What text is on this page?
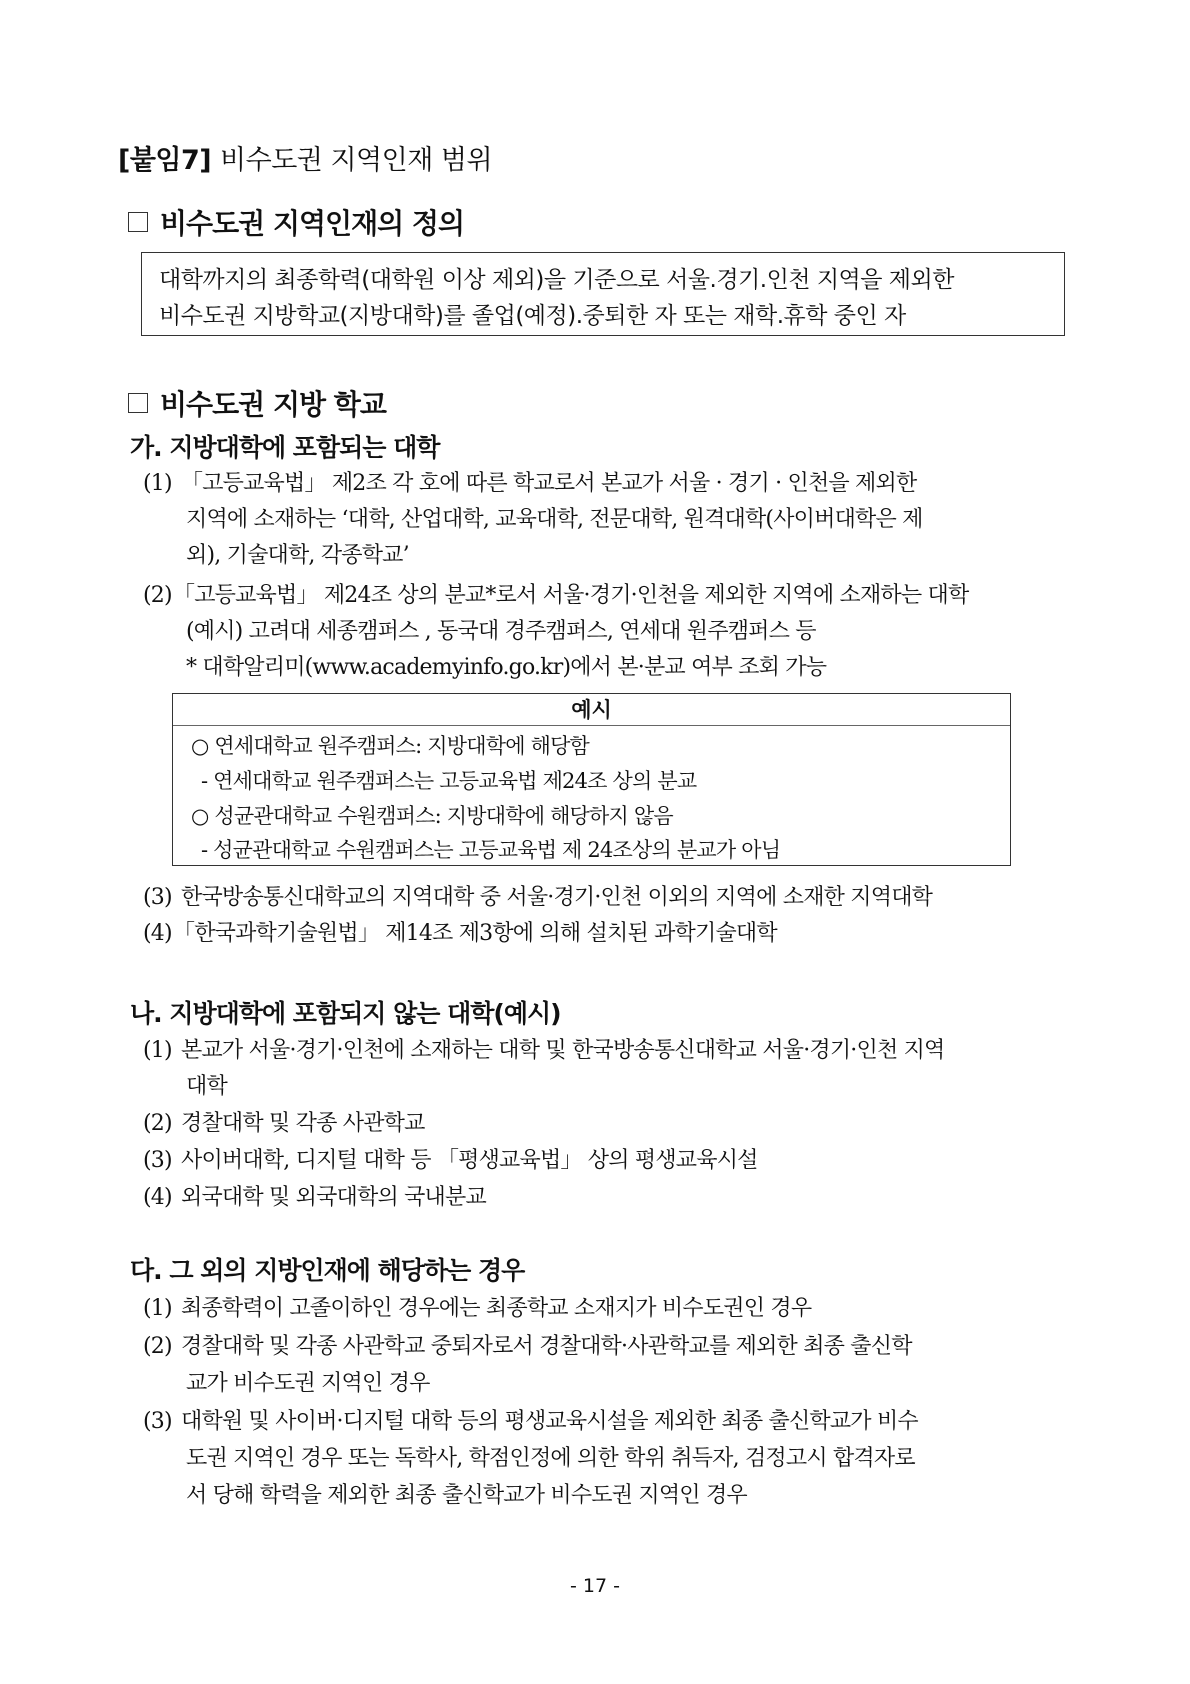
[붙임7] 비수도권 지역인재 범위
비수도권 지역인재의 정의
대학까지의 최종학력(대학원 이상 제외)을 기준으로 서울.경기.인천 지역을 제외한
비수도권 지방학교(지방대학)를 졸업(예정).중퇴한 자 또는 재학.휴학 중인 자
비수도권 지방 학교
가. 지방대학에 포함되는 대학
(1) 「고등교육법」 제2조 각 호에 따른 학교로서 본교가 서울 · 경기 · 인천을 제외한
지역에 소재하는 ‘대학, 산업대학, 교육대학, 전문대학, 원격대학(사이버대학은 제
외), 기술대학, 각종학교’
(2)「고등교육법」 제24조 상의 분교*로서 서울·경기·인천을 제외한 지역에 소재하는 대학
(예시) 고려대 세종캠퍼스 , 동국대 경주캠퍼스, 연세대 원주캠퍼스 등
* 대학알리미(www.academyinfo.go.kr)에서 본·분교 여부 조회 가능
예시
○ 연세대학교 원주캠퍼스: 지방대학에 해당함
- 연세대학교 원주캠퍼스는 고등교육법 제24조 상의 분교
○ 성균관대학교 수원캠퍼스: 지방대학에 해당하지 않음
- 성균관대학교 수원캠퍼스는 고등교육법 제 24조상의 분교가 아님
(3) 한국방송통신대학교의 지역대학 중 서울·경기·인천 이외의 지역에 소재한 지역대학
(4)「한국과학기술원법」 제14조 제3항에 의해 설치된 과학기술대학
나. 지방대학에 포함되지 않는 대학(예시)
(1) 본교가 서울·경기·인천에 소재하는 대학 및 한국방송통신대학교 서울·경기·인천 지역
대학
(2) 경찰대학 및 각종 사관학교
(3) 사이버대학, 디지털 대학 등 「평생교육법」 상의 평생교육시설
(4) 외국대학 및 외국대학의 국내분교
다. 그 외의 지방인재에 해당하는 경우
(1) 최종학력이 고졸이하인 경우에는 최종학교 소재지가 비수도권인 경우
(2) 경찰대학 및 각종 사관학교 중퇴자로서 경찰대학·사관학교를 제외한 최종 출신학
교가 비수도권 지역인 경우
(3) 대학원 및 사이버·디지털 대학 등의 평생교육시설을 제외한 최종 출신학교가 비수
도권 지역인 경우 또는 독학사, 학점인정에 의한 학위 취득자, 검정고시 합격자로
서 당해 학력을 제외한 최종 출신학교가 비수도권 지역인 경우
- 17 -
